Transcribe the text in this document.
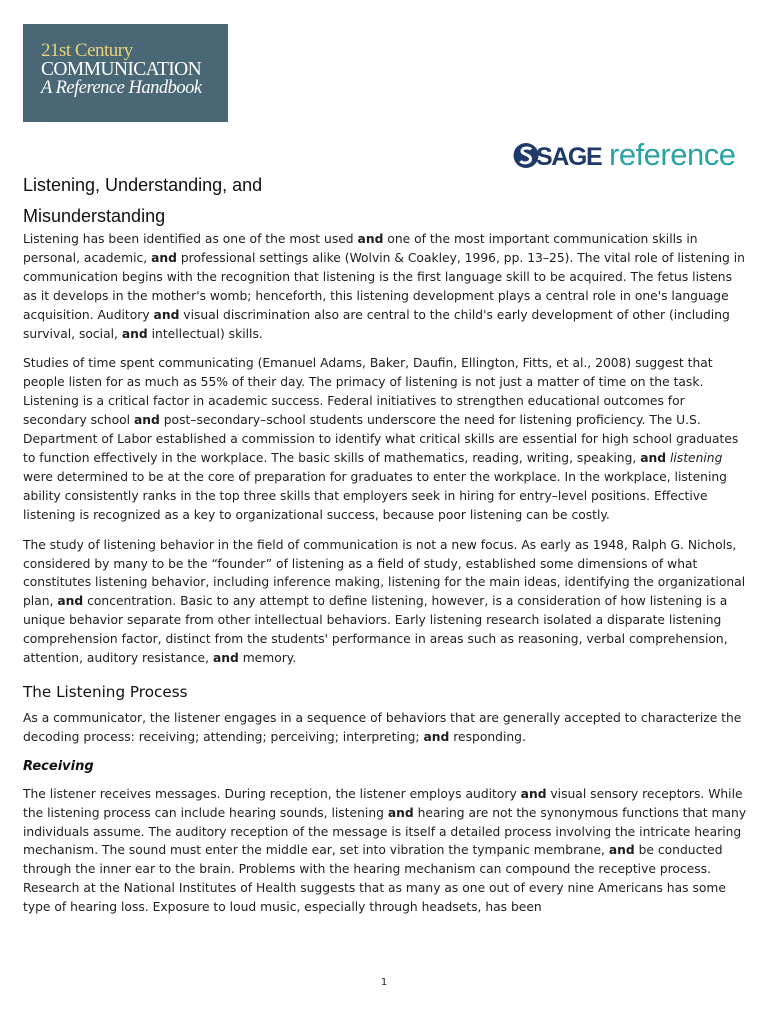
21st Century
COMMUNICATION
A Reference Handbook
SAGE reference
Listening, Understanding, and
Misunderstanding

Listening has been identified as one of the most used and one of the most important communication skills in personal, academic, and professional settings alike (Wolvin & Coakley, 1996, pp. 13–25). The vital role of listening in communication begins with the recognition that listening is the first language skill to be acquired. The fetus listens as it develops in the mother's womb; henceforth, this listening development plays a central role in one's language acquisition. Auditory and visual discrimination also are central to the child's early development of other (including survival, social, and intellectual) skills.

Studies of time spent communicating (Emanuel Adams, Baker, Daufin, Ellington, Fitts, et al., 2008) suggest that people listen for as much as 55% of their day. The primacy of listening is not just a matter of time on the task. Listening is a critical factor in academic success. Federal initiatives to strengthen educational outcomes for secondary school and post–secondary–school students underscore the need for listening proficiency. The U.S. Department of Labor established a commission to identify what critical skills are essential for high school graduates to function effectively in the workplace. The basic skills of mathematics, reading, writing, speaking, and listening were determined to be at the core of preparation for graduates to enter the workplace. In the workplace, listening ability consistently ranks in the top three skills that employers seek in hiring for entry–level positions. Effective listening is recognized as a key to organizational success, because poor listening can be costly.

The study of listening behavior in the field of communication is not a new focus. As early as 1948, Ralph G. Nichols, considered by many to be the “founder” of listening as a field of study, established some dimensions of what constitutes listening behavior, including inference making, listening for the main ideas, identifying the organizational plan, and concentration. Basic to any attempt to define listening, however, is a consideration of how listening is a unique behavior separate from other intellectual behaviors. Early listening research isolated a disparate listening comprehension factor, distinct from the students' performance in areas such as reasoning, verbal comprehension, attention, auditory resistance, and memory.

The Listening Process

As a communicator, the listener engages in a sequence of behaviors that are generally accepted to characterize the decoding process: receiving; attending; perceiving; interpreting; and responding.

Receiving

The listener receives messages. During reception, the listener employs auditory and visual sensory receptors. While the listening process can include hearing sounds, listening and hearing are not the synonymous functions that many individuals assume. The auditory reception of the message is itself a detailed process involving the intricate hearing mechanism. The sound must enter the middle ear, set into vibration the tympanic membrane, and be conducted through the inner ear to the brain. Problems with the hearing mechanism can compound the receptive process. Research at the National Institutes of Health suggests that as many as one out of every nine Americans has some type of hearing loss. Exposure to loud music, especially through headsets, has been

1
